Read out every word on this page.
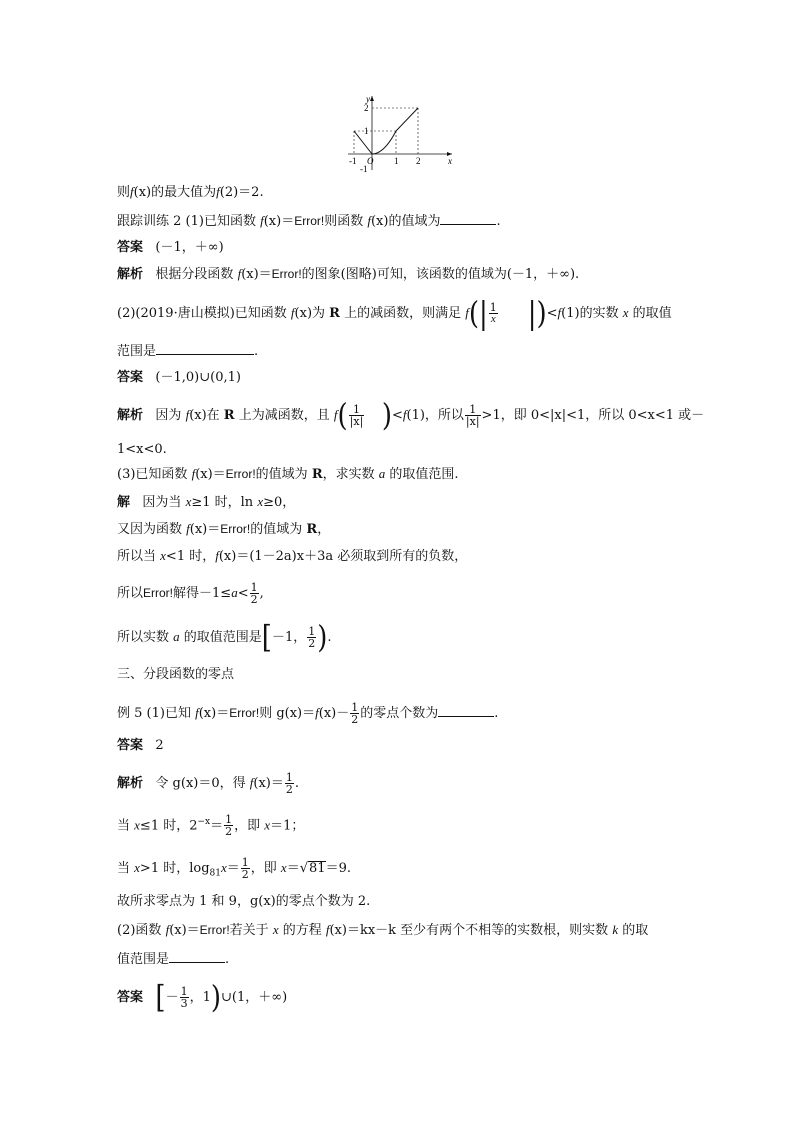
y
x
O
-1	1 2
2
1
-1
则f(x)的最大值为f(2)＝2.
跟踪训练 2 (1)已知函数 f(x)＝Error!则函数 f(x)的值域为	.
答案 (－1，＋∞)
解析 根据分段函数 f(x)＝Error!的图象(图略)可知，该函数的值域为(－1，＋∞).
(2)(2019·唐山模拟)已知函数 f(x)为 R 上的减函数，则满足 $f(| \frac{1}{x} |)<f(1)$的实数 x 的取值
范围是	.
答案 (－1,0)∪(0,1)
解析 因为 f(x)在 R 上为减函数，且 $f( \frac{1}{|x|} )<f(1)$，所以 $\frac{1}{|x|} >1$，即 0<|x|<1，所以 0<x<1 或－
1<x<0.
(3)已知函数 f(x)＝Error!的值域为 R，求实数 a 的取值范围.
解 因为当 x≥1 时，ln x≥0，
又因为函数 f(x)＝Error!的值域为 R，
所以当 x<1 时，f(x)＝(1－2a)x＋3a 必须取到所有的负数，
所以Error!解得$-1\le a< \frac{1}{2}$ ,
所以实数 a 的取值范围是[－1， $\frac{1}{2}$ ).
三、分段函数的零点
例 5 (1)已知 f(x)＝Error!则 $g(x)=f(x)- \frac{1}{2}$ 的零点个数为	.
答案 2
解析 令 g(x)＝0，得 $f(x)= \frac{1}{2}$ .
当 x≤1 时，$2^{-x}= \frac{1}{2}$ ，即 x＝1；
当 x>1 时，$\log_{81}x= \frac{1}{2}$ ，即 x＝√81＝9.
故所求零点为 1 和 9，g(x)的零点个数为 2.
(2)函数 f(x)＝Error!若关于 x 的方程 f(x)＝kx－k 至少有两个不相等的实数根，则实数 k 的取
值范围是	.
答案 [－ $\frac{1}{3}$ ，1)∪(1，＋∞)
